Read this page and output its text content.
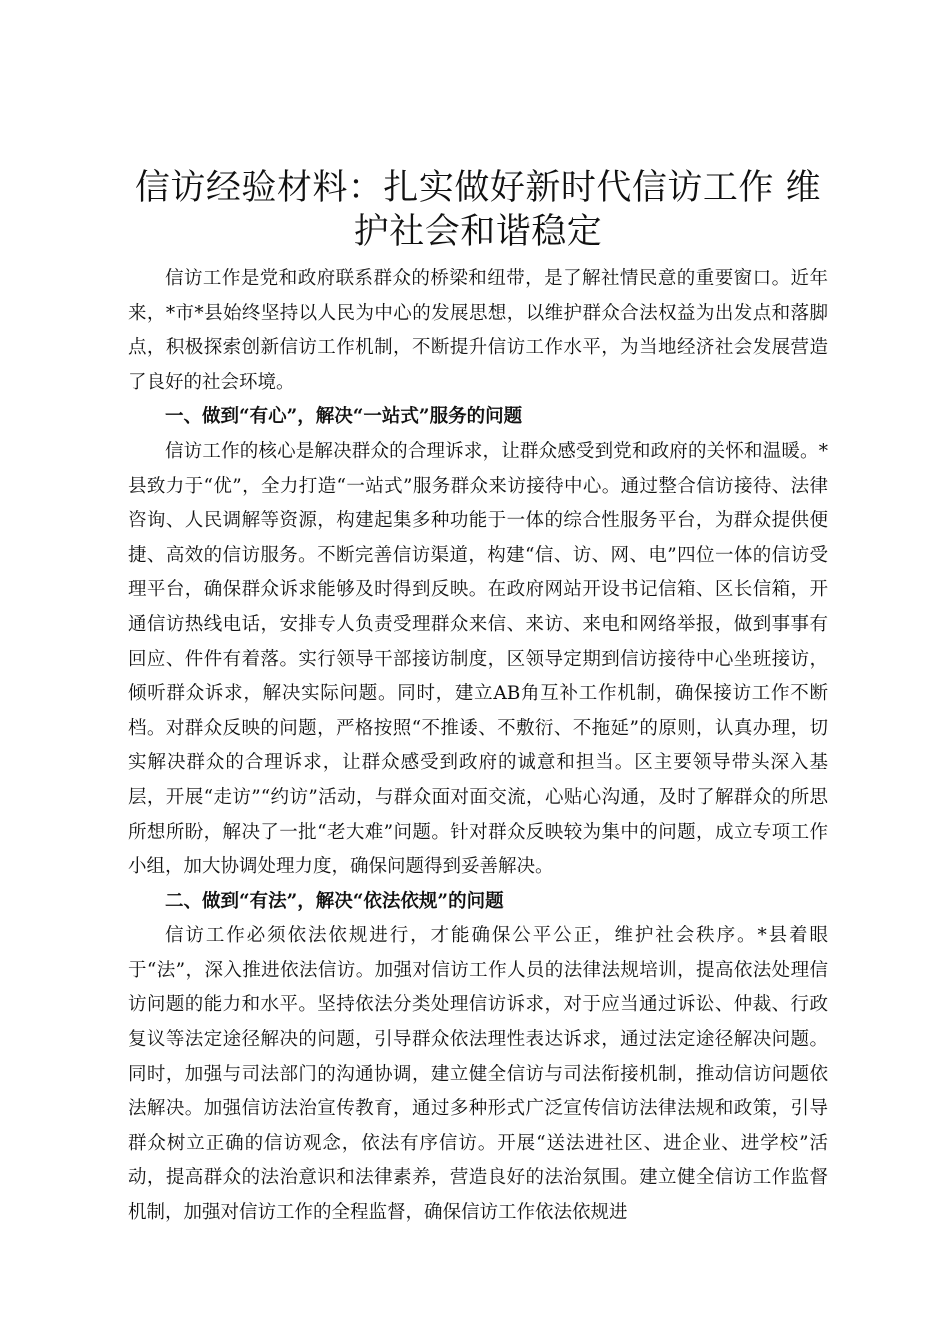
信访经验材料：扎实做好新时代信访工作 维护社会和谐稳定

信访工作是党和政府联系群众的桥梁和纽带，是了解社情民意的重要窗口。近年来，*市*县始终坚持以人民为中心的发展思想，以维护群众合法权益为出发点和落脚点，积极探索创新信访工作机制，不断提升信访工作水平，为当地经济社会发展营造了良好的社会环境。

一、做到“有心”，解决“一站式”服务的问题

信访工作的核心是解决群众的合理诉求，让群众感受到党和政府的关怀和温暖。*县致力于“优”，全力打造“一站式”服务群众来访接待中心。通过整合信访接待、法律咨询、人民调解等资源，构建起集多种功能于一体的综合性服务平台，为群众提供便捷、高效的信访服务。不断完善信访渠道，构建“信、访、网、电”四位一体的信访受理平台，确保群众诉求能够及时得到反映。在政府网站开设书记信箱、区长信箱，开通信访热线电话，安排专人负责受理群众来信、来访、来电和网络举报，做到事事有回应、件件有着落。实行领导干部接访制度，区领导定期到信访接待中心坐班接访，倾听群众诉求，解决实际问题。同时，建立AB角互补工作机制，确保接访工作不断档。对群众反映的问题，严格按照“不推诿、不敷衍、不拖延”的原则，认真办理，切实解决群众的合理诉求，让群众感受到政府的诚意和担当。区主要领导带头深入基层，开展“走访”“约访”活动，与群众面对面交流，心贴心沟通，及时了解群众的所思所想所盼，解决了一批“老大难”问题。针对群众反映较为集中的问题，成立专项工作小组，加大协调处理力度，确保问题得到妥善解决。

二、做到“有法”，解决“依法依规”的问题

信访工作必须依法依规进行，才能确保公平公正，维护社会秩序。*县着眼于“法”，深入推进依法信访。加强对信访工作人员的法律法规培训，提高依法处理信访问题的能力和水平。坚持依法分类处理信访诉求，对于应当通过诉讼、仲裁、行政复议等法定途径解决的问题，引导群众依法理性表达诉求，通过法定途径解决问题。同时，加强与司法部门的沟通协调，建立健全信访与司法衔接机制，推动信访问题依法解决。加强信访法治宣传教育，通过多种形式广泛宣传信访法律法规和政策，引导群众树立正确的信访观念，依法有序信访。开展“送法进社区、进企业、进学校”活动，提高群众的法治意识和法律素养，营造良好的法治氛围。建立健全信访工作监督机制，加强对信访工作的全程监督，确保信访工作依法依规进
